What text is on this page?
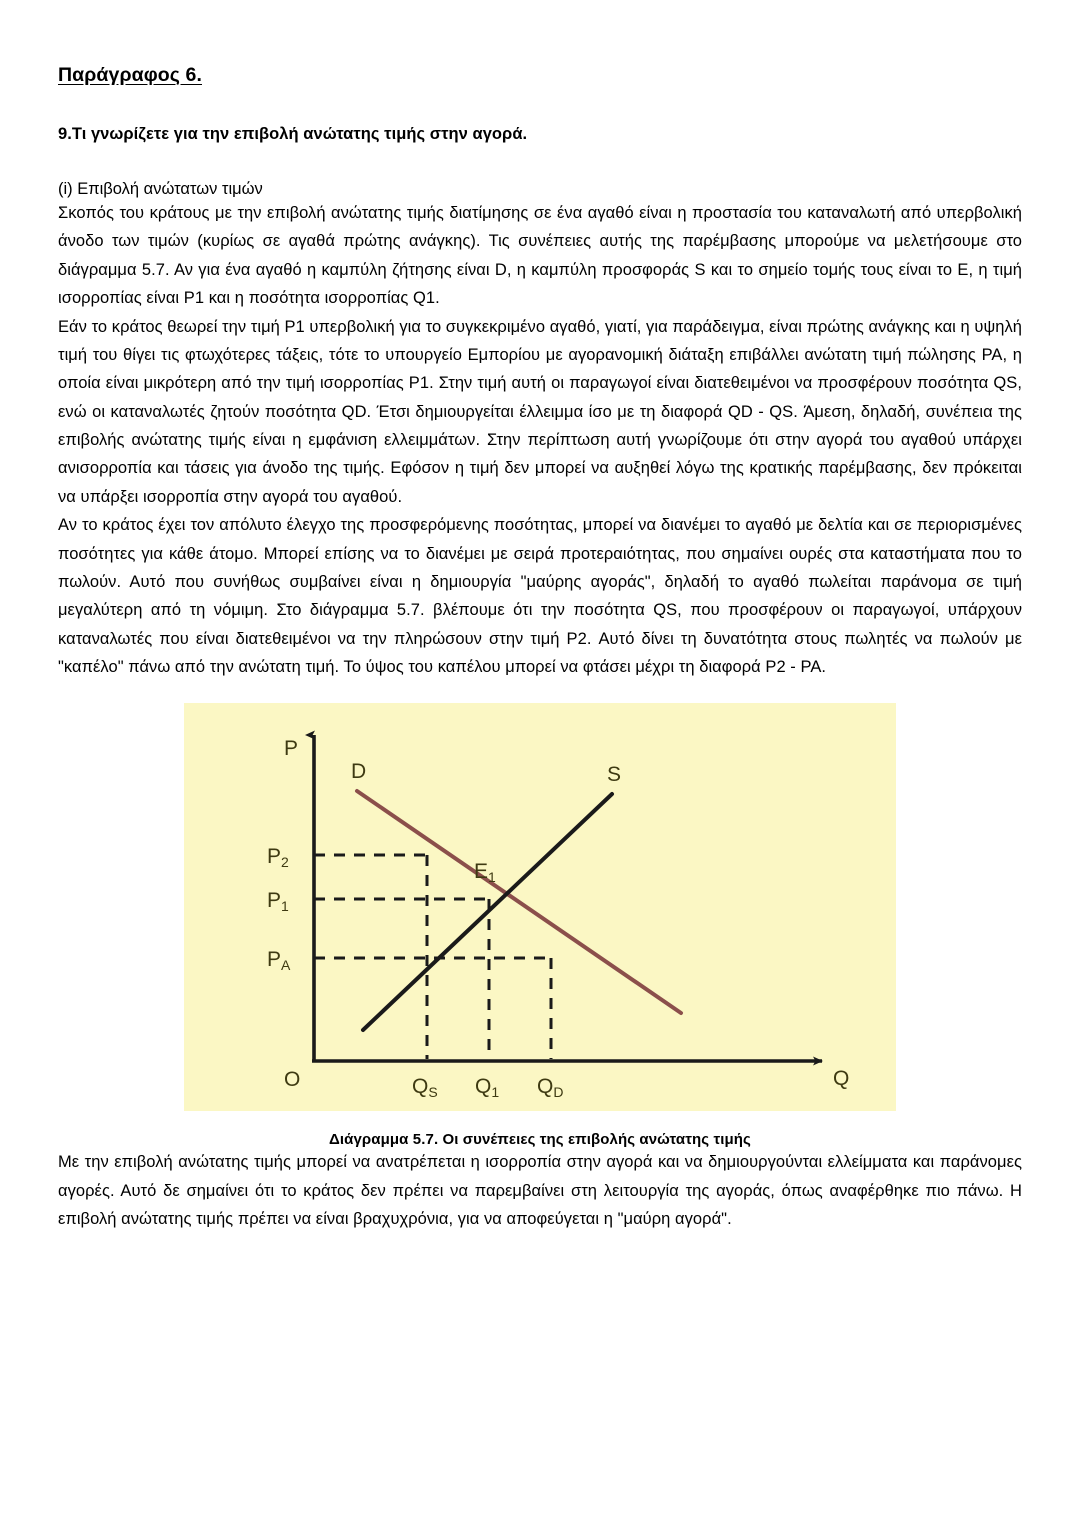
Παράγραφος 6.
9.Τι γνωρίζετε για την επιβολή ανώτατης τιμής στην αγορά.
(i) Επιβολή ανώτατων τιμών

Σκοπός του κράτους με την επιβολή ανώτατης τιμής διατίμησης σε ένα αγαθό είναι η προστασία του καταναλωτή από υπερβολική άνοδο των τιμών (κυρίως σε αγαθά πρώτης ανάγκης). Τις συνέπειες αυτής της παρέμβασης μπορούμε να μελετήσουμε στο διάγραμμα 5.7. Αν για ένα αγαθό η καμπύλη ζήτησης είναι D, η καμπύλη προσφοράς S και το σημείο τομής τους είναι το E, η τιμή ισορροπίας είναι P1 και η ποσότητα ισορροπίας Q1.

Εάν το κράτος θεωρεί την τιμή P1 υπερβολική για το συγκεκριμένο αγαθό, γιατί, για παράδειγμα, είναι πρώτης ανάγκης και η υψηλή τιμή του θίγει τις φτωχότερες τάξεις, τότε το υπουργείο Εμπορίου με αγορανομική διάταξη επιβάλλει ανώτατη τιμή πώλησης PA, η οποία είναι μικρότερη από την τιμή ισορροπίας P1. Στην τιμή αυτή οι παραγωγοί είναι διατεθειμένοι να προσφέρουν ποσότητα QS, ενώ οι καταναλωτές ζητούν ποσότητα QD. Έτσι δημιουργείται έλλειμμα ίσο με τη διαφορά QD - QS. Άμεση, δηλαδή, συνέπεια της επιβολής ανώτατης τιμής είναι η εμφάνιση ελλειμμάτων. Στην περίπτωση αυτή γνωρίζουμε ότι στην αγορά του αγαθού υπάρχει ανισορροπία και τάσεις για άνοδο της τιμής. Εφόσον η τιμή δεν μπορεί να αυξηθεί λόγω της κρατικής παρέμβασης, δεν πρόκειται να υπάρξει ισορροπία στην αγορά του αγαθού.

Αν το κράτος έχει τον απόλυτο έλεγχο της προσφερόμενης ποσότητας, μπορεί να διανέμει το αγαθό με δελτία και σε περιορισμένες ποσότητες για κάθε άτομο. Μπορεί επίσης να το διανέμει με σειρά προτεραιότητας, που σημαίνει ουρές στα καταστήματα που το πωλούν. Αυτό που συνήθως συμβαίνει είναι η δημιουργία "μαύρης αγοράς", δηλαδή το αγαθό πωλείται παράνομα σε τιμή μεγαλύτερη από τη νόμιμη. Στο διάγραμμα 5.7. βλέπουμε ότι την ποσότητα QS, που προσφέρουν οι παραγωγοί, υπάρχουν καταναλωτές που είναι διατεθειμένοι να την πληρώσουν στην τιμή P2. Αυτό δίνει τη δυνατότητα στους πωλητές να πωλούν με "καπέλο" πάνω από την ανώτατη τιμή. Το ύψος του καπέλου μπορεί να φτάσει μέχρι τη διαφορά P2 - PA.

P
Q
O
D	S
E1
P2
P1
PA
QS Q1 QD
Διάγραμμα 5.7. Οι συνέπειες της επιβολής ανώτατης τιμής

Με την επιβολή ανώτατης τιμής μπορεί να ανατρέπεται η ισορροπία στην αγορά και να δημιουργούνται ελλείμματα και παράνομες αγορές. Αυτό δε σημαίνει ότι το κράτος δεν πρέπει να παρεμβαίνει στη λειτουργία της αγοράς, όπως αναφέρθηκε πιο πάνω. Η επιβολή ανώτατης τιμής πρέπει να είναι βραχυχρόνια, για να αποφεύγεται η "μαύρη αγορά".
